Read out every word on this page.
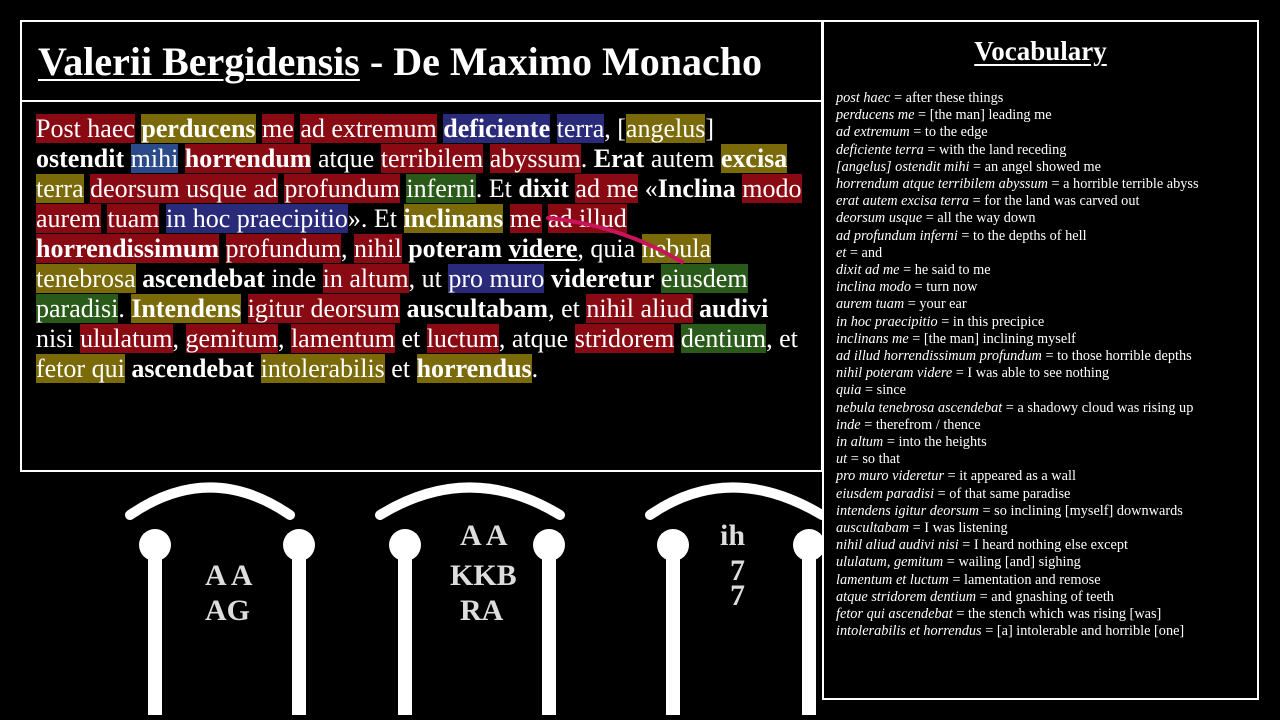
Valerii Bergidensis - De Maximo Monacho
Post haec perducens me ad extremum deficiente terra, [angelus] ostendit mihi horrendum atque terribilem abyssum. Erat autem excisa terra deorsum usque ad profundum inferni. Et dixit ad me «Inclina modo aurem tuam in hoc praecipitio». Et inclinans me ad illud horrendissimum profundum, nihil poteram videre, quia nebula tenebrosa ascendebat inde in altum, ut pro muro videretur eiusdem paradisi. Intendens igitur deorsum auscultabam, et nihil aliud audivi nisi ululatum, gemitum, lamentum et luctum, atque stridorem dentium, et fetor qui ascendebat intolerabilis et horrendus.
A A
AG
A A
KKB
RA
ih
7
7
Vocabulary
post haec = after these things
perducens me = [the man] leading me
ad extremum = to the edge
deficiente terra = with the land receding
[angelus] ostendit mihi = an angel showed me
horrendum atque terribilem abyssum = a horrible terrible abyss
erat autem excisa terra = for the land was carved out
deorsum usque = all the way down
ad profundum inferni = to the depths of hell
et = and
dixit ad me = he said to me
inclina modo = turn now
aurem tuam = your ear
in hoc praecipitio = in this precipice
inclinans me = [the man] inclining myself
ad illud horrendissimum profundum = to those horrible depths
nihil poteram videre = I was able to see nothing
quia = since
nebula tenebrosa ascendebat = a shadowy cloud was rising up
inde = therefrom / thence
in altum = into the heights
ut = so that
pro muro videretur = it appeared as a wall
eiusdem paradisi = of that same paradise
intendens igitur deorsum = so inclining [myself] downwards
auscultabam = I was listening
nihil aliud audivi nisi = I heard nothing else except
ululatum, gemitum = wailing [and] sighing
lamentum et luctum = lamentation and remose
atque stridorem dentium = and gnashing of teeth
fetor qui ascendebat = the stench which was rising [was]
intolerabilis et horrendus = [a] intolerable and horrible [one]
